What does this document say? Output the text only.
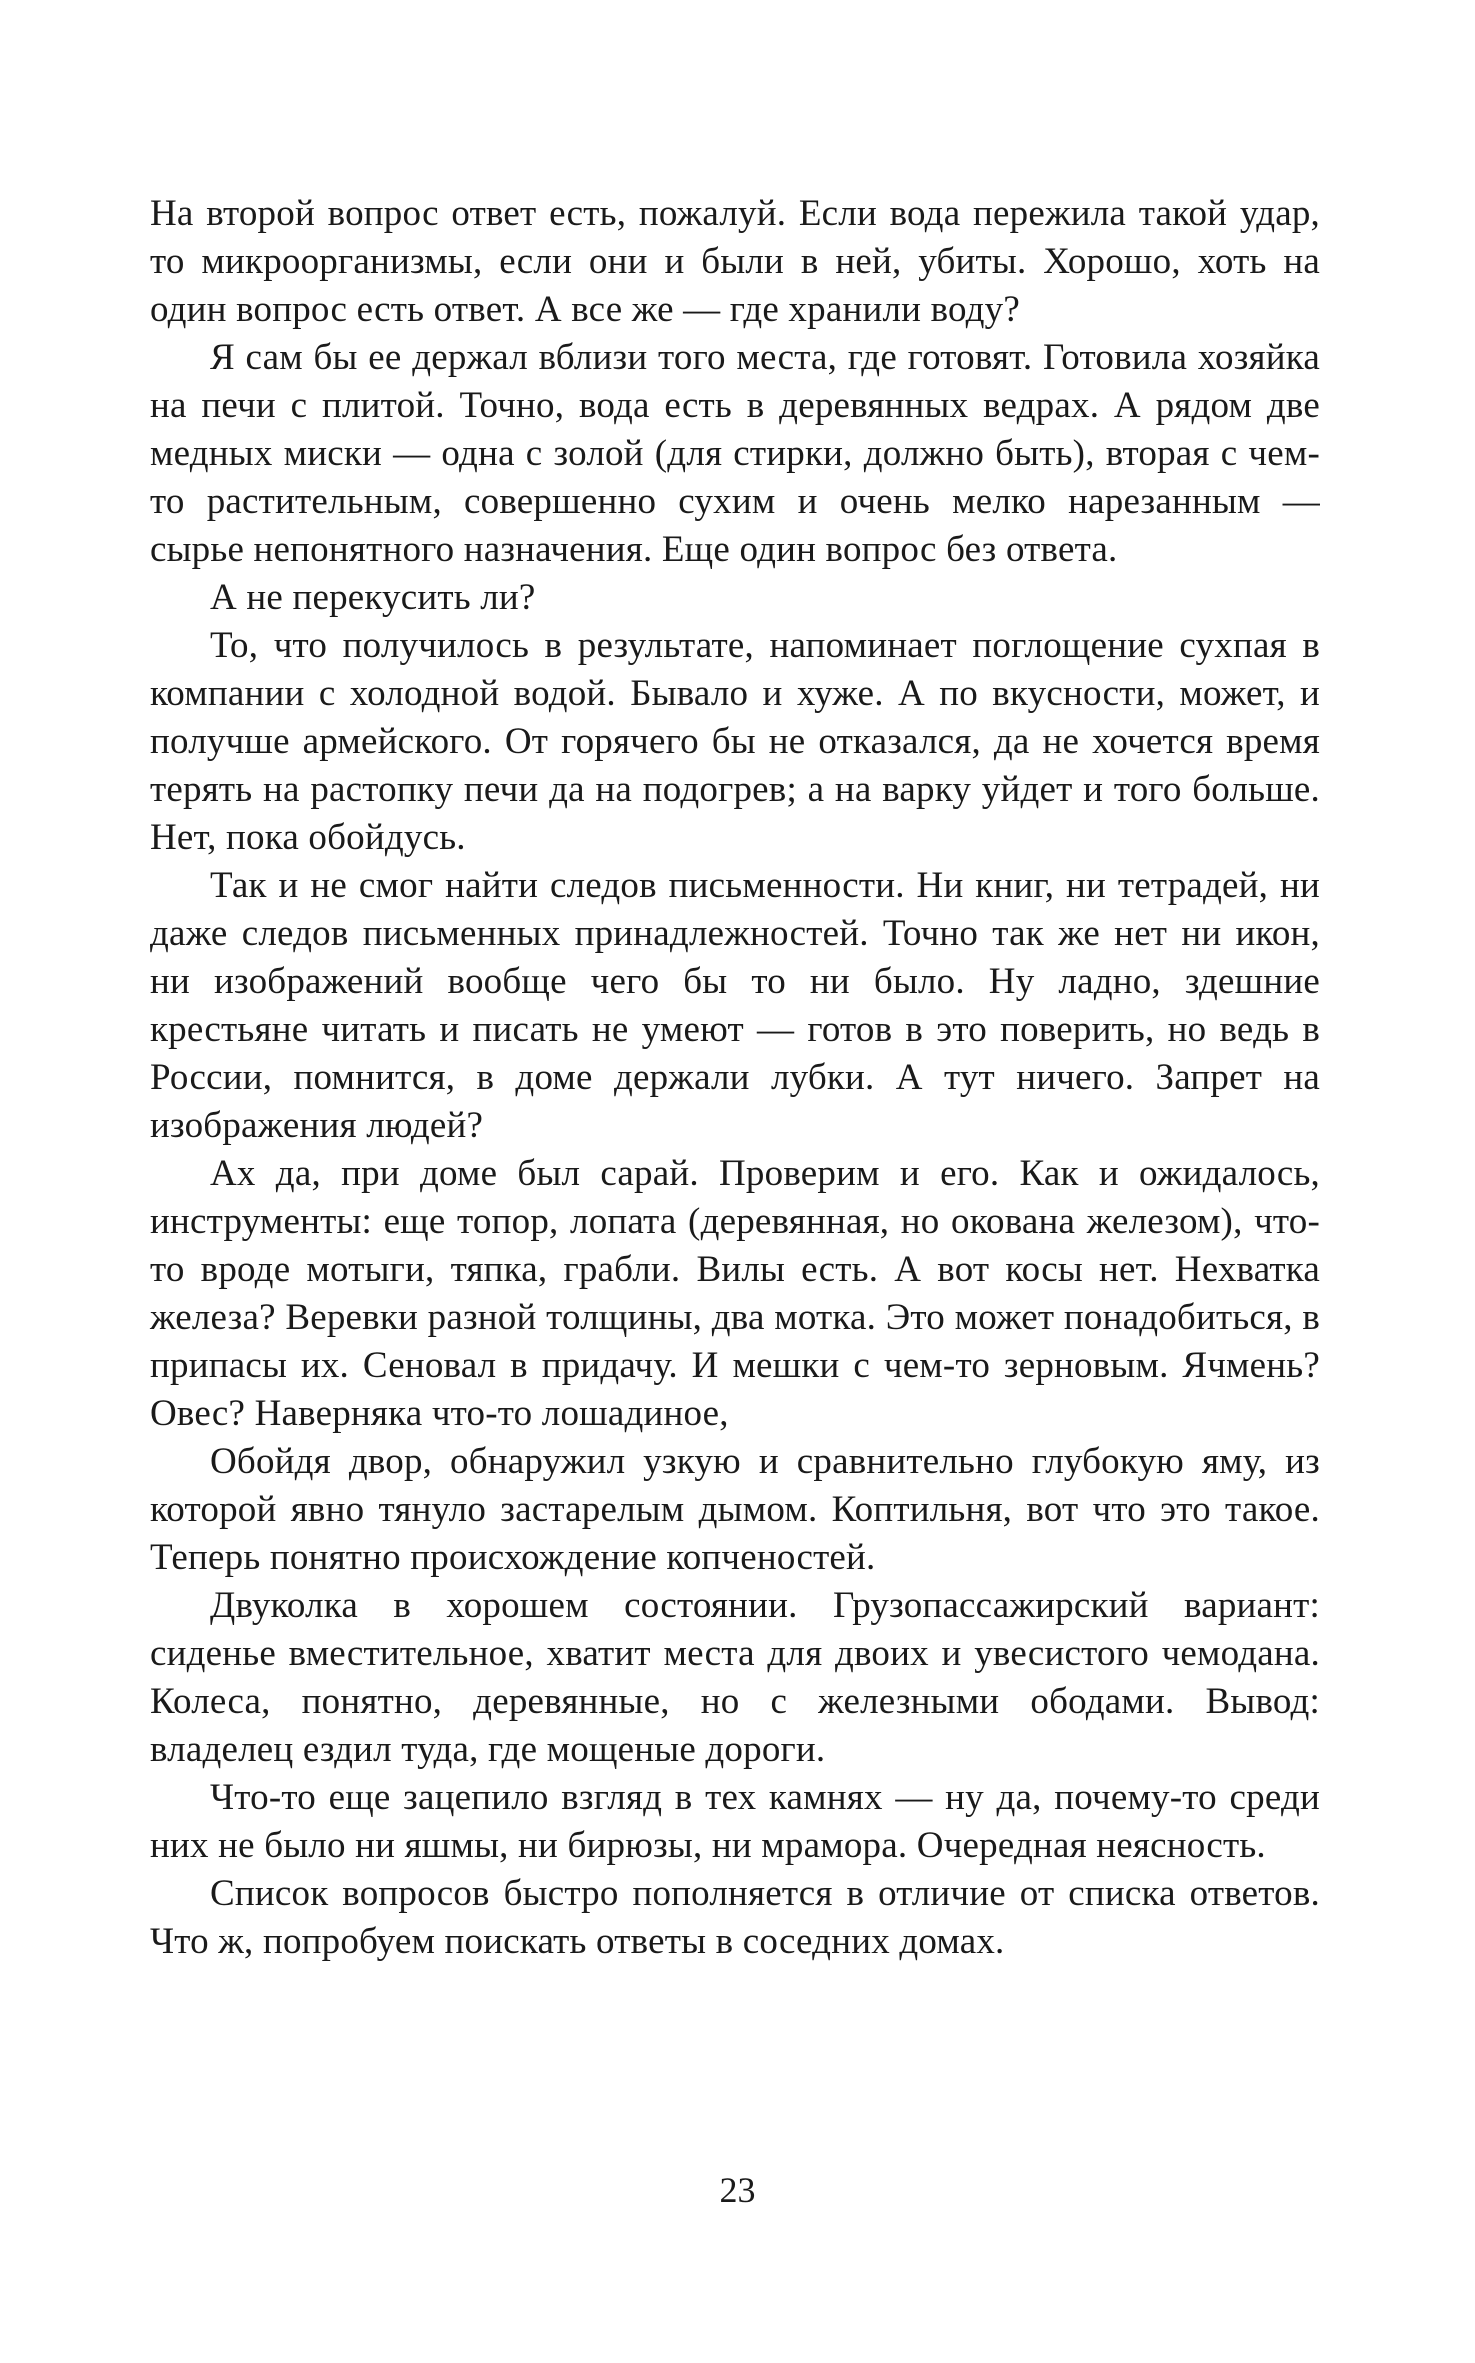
На второй вопрос ответ есть, пожалуй. Если вода пережила такой удар, то микроорганизмы, если они и были в ней, убиты. Хорошо, хоть на один вопрос есть ответ. А все же — где хранили воду?

Я сам бы ее держал вблизи того места, где готовят. Готовила хозяйка на печи с плитой. Точно, вода есть в деревянных ведрах. А рядом две медных миски — одна с золой (для стирки, должно быть), вторая с чем-то растительным, совершенно сухим и очень мелко нарезанным — сырье непонятного назначения. Еще один вопрос без ответа.

А не перекусить ли?

То, что получилось в результате, напоминает поглощение сухпая в компании с холодной водой. Бывало и хуже. А по вкусности, может, и получше армейского. От горячего бы не отказался, да не хочется время терять на растопку печи да на подогрев; а на варку уйдет и того больше. Нет, пока обойдусь.

Так и не смог найти следов письменности. Ни книг, ни тетрадей, ни даже следов письменных принадлежностей. Точно так же нет ни икон, ни изображений вообще чего бы то ни было. Ну ладно, здешние крестьяне читать и писать не умеют — готов в это поверить, но ведь в России, помнится, в доме держали лубки. А тут ничего. Запрет на изображения людей?

Ах да, при доме был сарай. Проверим и его. Как и ожидалось, инструменты: еще топор, лопата (деревянная, но окована железом), что-то вроде мотыги, тяпка, грабли. Вилы есть. А вот косы нет. Нехватка железа? Веревки разной толщины, два мотка. Это может понадобиться, в припасы их. Сеновал в придачу. И мешки с чем-то зерновым. Ячмень? Овес? Наверняка что-то лошадиное,

Обойдя двор, обнаружил узкую и сравнительно глубокую яму, из которой явно тянуло застарелым дымом. Коптильня, вот что это такое. Теперь понятно происхождение копченостей.

Двуколка в хорошем состоянии. Грузопассажирский вариант: сиденье вместительное, хватит места для двоих и увесистого чемодана. Колеса, понятно, деревянные, но с железными ободами. Вывод: владелец ездил туда, где мощеные дороги.

Что-то еще зацепило взгляд в тех камнях — ну да, почему-то среди них не было ни яшмы, ни бирюзы, ни мрамора. Очередная неясность.

Список вопросов быстро пополняется в отличие от списка ответов. Что ж, попробуем поискать ответы в соседних домах.

23
